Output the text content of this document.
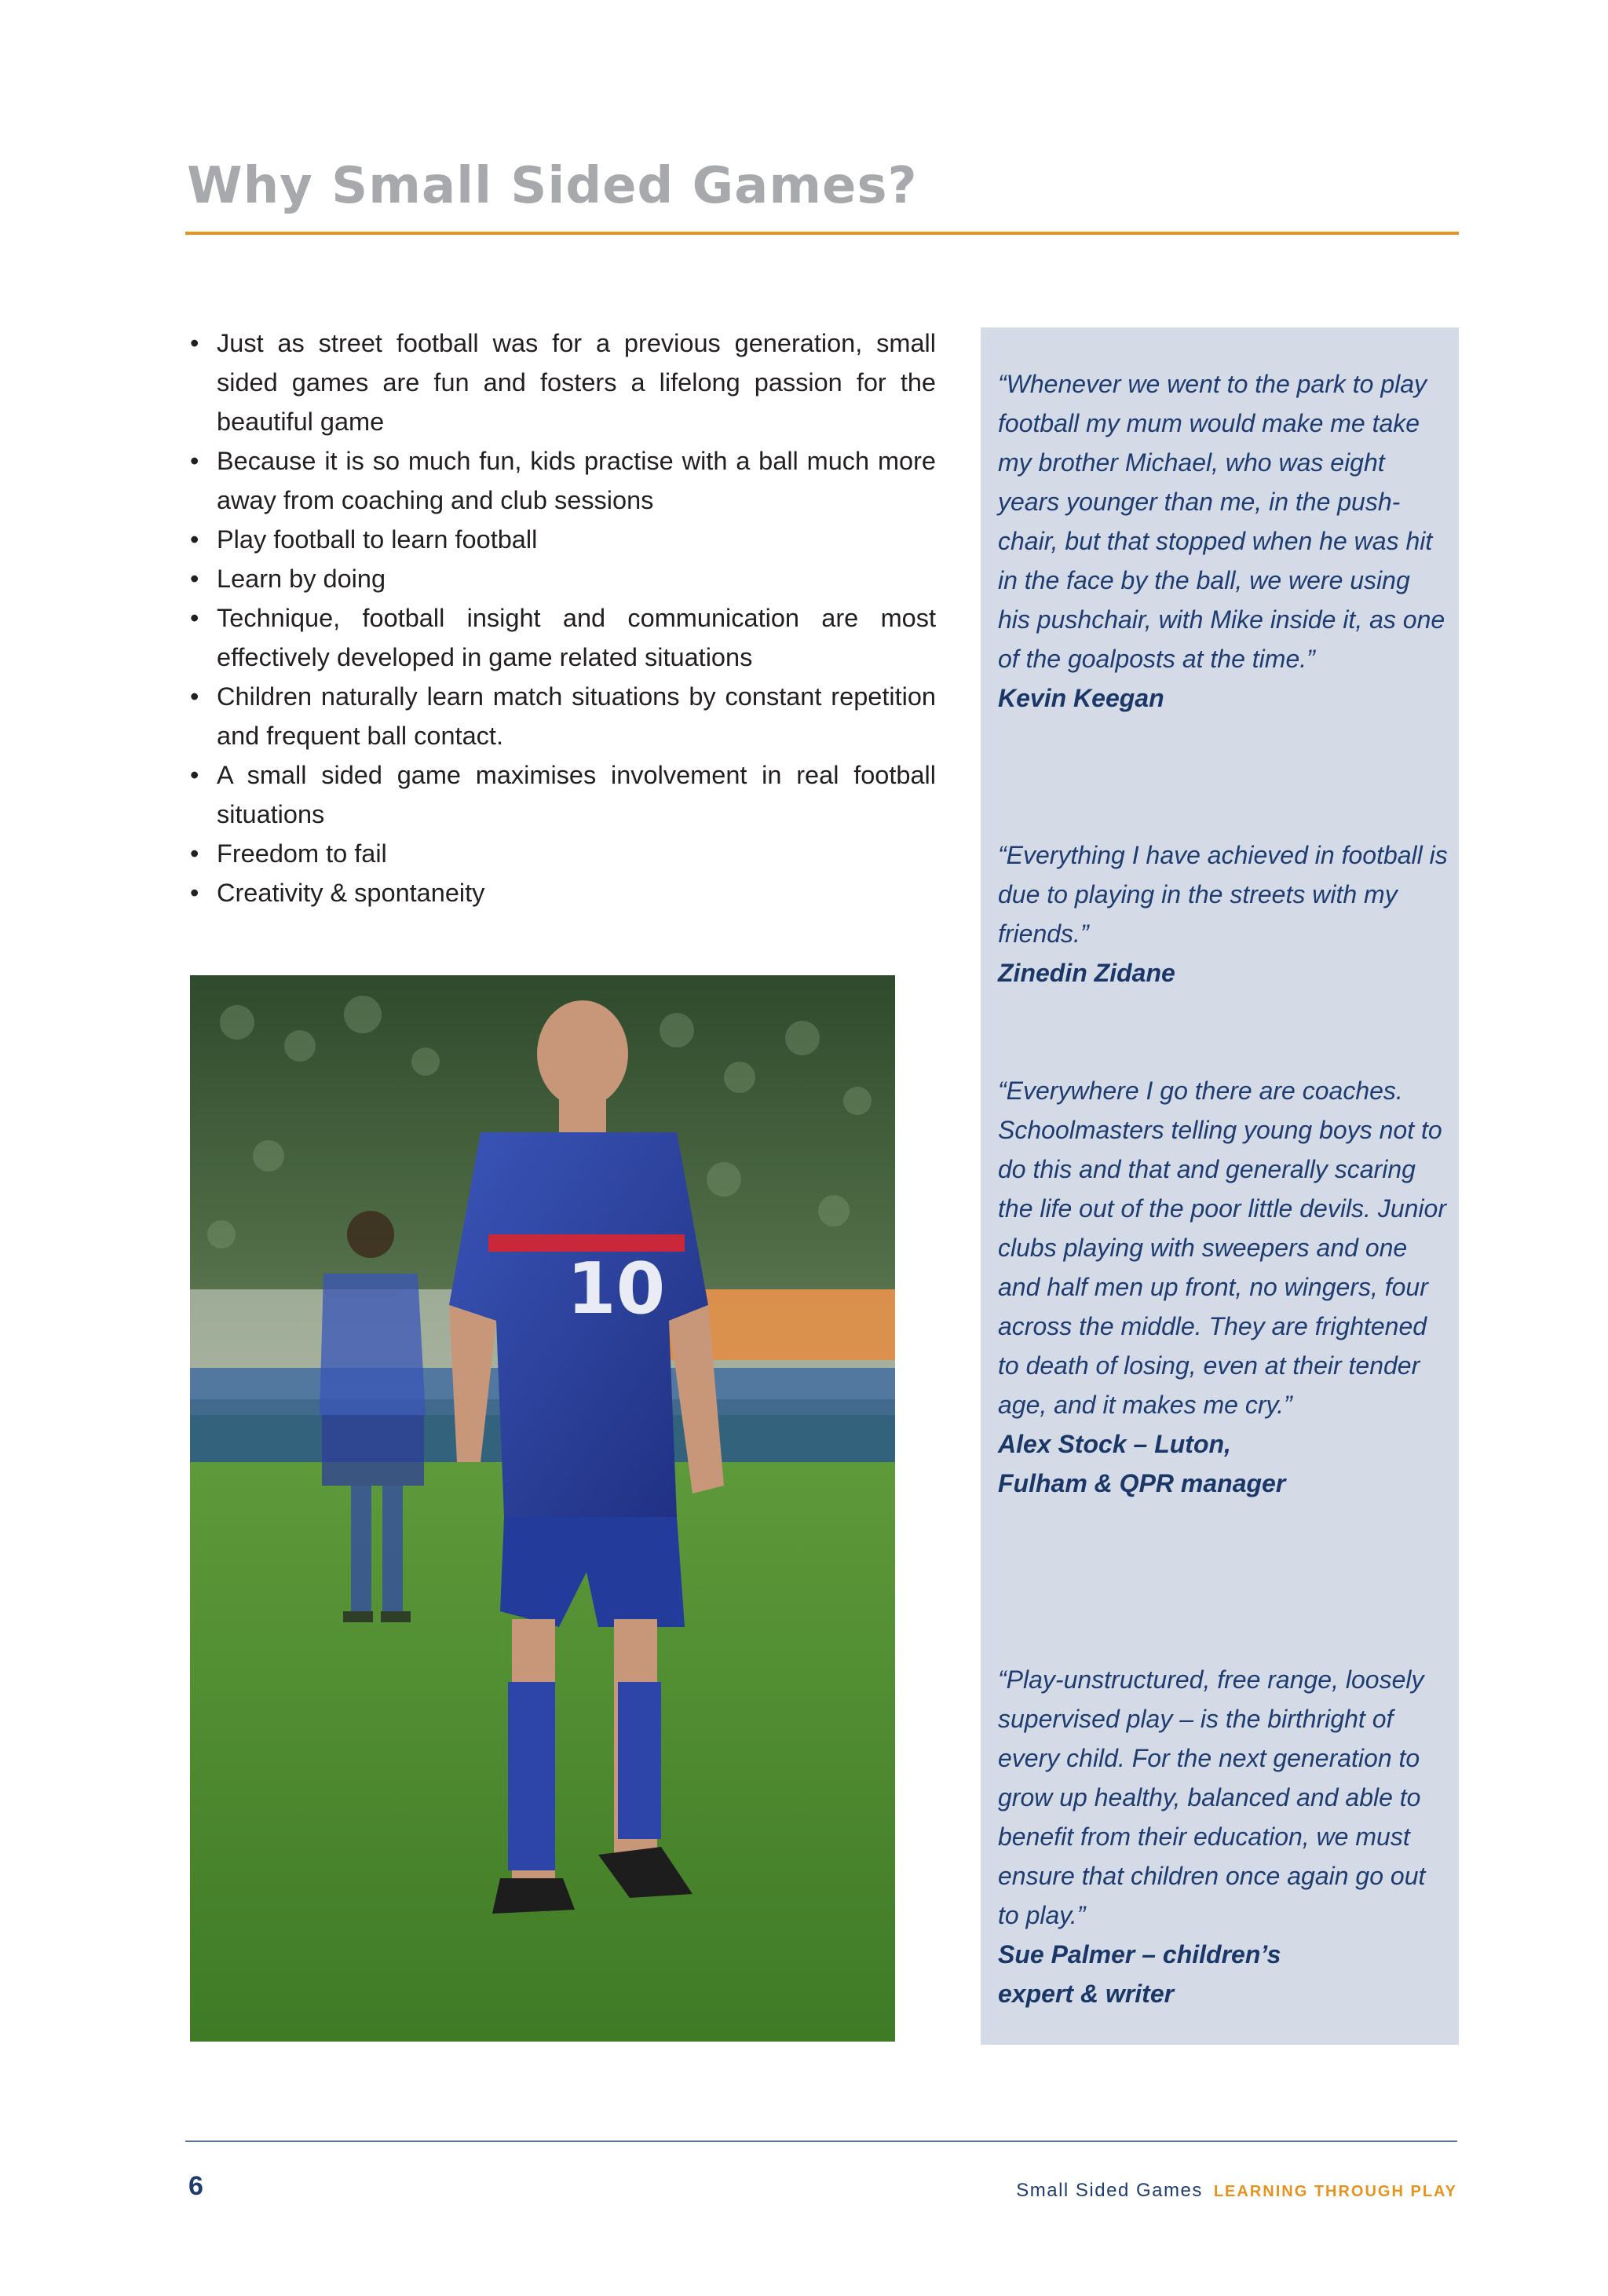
Why Small Sided Games?
• Just as street football was for a previous generation, small sided games are fun and fosters a lifelong passion for the beautiful game
• Because it is so much fun, kids practise with a ball much more away from coaching and club sessions
• Play football to learn football
• Learn by doing
• Technique, football insight and communication are most effectively developed in game related situations
• Children naturally learn match situations by constant repetition and frequent ball contact.
• A small sided game maximises involvement in real football situations
• Freedom to fail
• Creativity & spontaneity
10
“Whenever we went to the park to play football my mum would make me take my brother Michael, who was eight years younger than me, in the push-chair, but that stopped when he was hit in the face by the ball, we were using his pushchair, with Mike inside it, as one of the goalposts at the time.”
Kevin Keegan
“Everything I have achieved in football is due to playing in the streets with my friends.”
Zinedin Zidane
“Everywhere I go there are coaches. Schoolmasters telling young boys not to do this and that and generally scaring the life out of the poor little devils. Junior clubs playing with sweepers and one and half men up front, no wingers, four across the middle. They are frightened to death of losing, even at their tender age, and it makes me cry.”
Alex Stock – Luton,
Fulham & QPR manager
“Play-unstructured, free range, loosely supervised play – is the birthright of every child. For the next generation to grow up healthy, balanced and able to benefit from their education, we must ensure that children once again go out to play.”
Sue Palmer – children’s
expert & writer
6	Small Sided Games LEARNING THROUGH PLAY
